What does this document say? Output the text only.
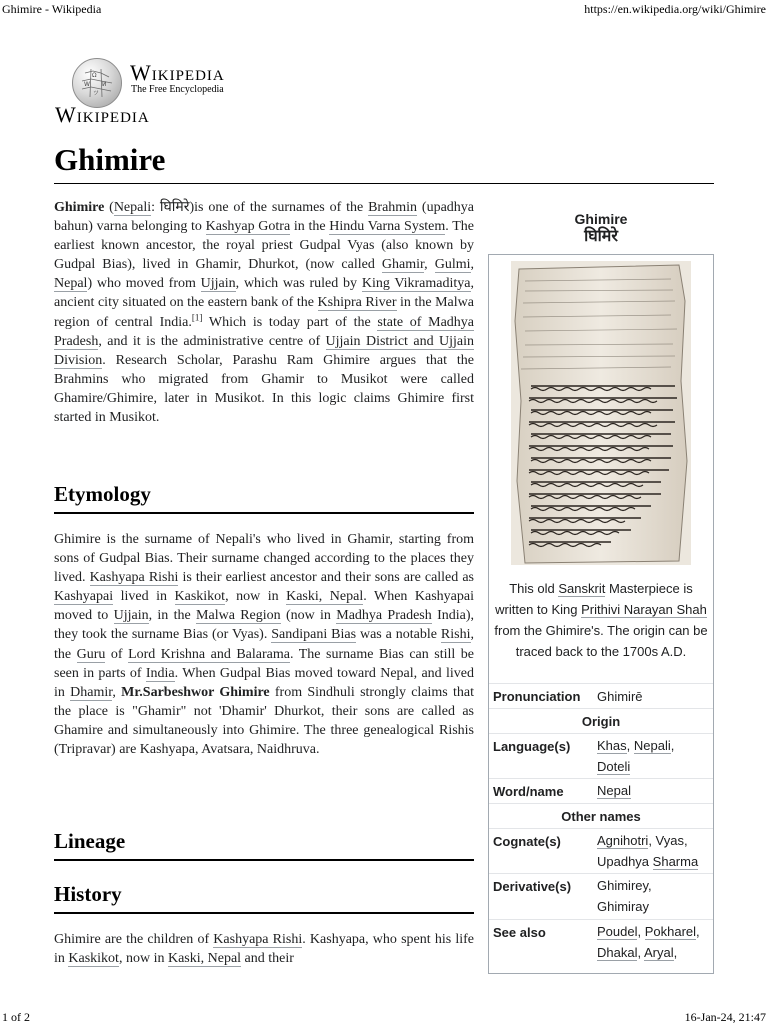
Ghimire - Wikipedia	https://en.wikipedia.org/wiki/Ghimire
1 of 2	16-Jan-24, 21:47
Ω
W И
ツ
Wikipedia
The Free Encyclopedia
Wikipedia
Ghimire

Ghimire (Nepali: घिमिरे)is one of the surnames of the Brahmin (upadhya bahun) varna belonging to Kashyap Gotra in the Hindu Varna System. The earliest known ancestor, the royal priest Gudpal Vyas (also known by Gudpal Bias), lived in Ghamir, Dhurkot, (now called Ghamir, Gulmi, Nepal) who moved from Ujjain, which was ruled by King Vikramaditya, ancient city situated on the eastern bank of the Kshipra River in the Malwa region of central India.[1] Which is today part of the state of Madhya Pradesh, and it is the administrative centre of Ujjain District and Ujjain Division. Research Scholar, Parashu Ram Ghimire argues that the Brahmins who migrated from Ghamir to Musikot were called Ghamire/Ghimire, later in Musikot. In this logic claims Ghimire first started in Musikot.

Etymology

Ghimire is the surname of Nepali's who lived in Ghamir, starting from sons of Gudpal Bias. Their surname changed according to the places they lived. Kashyapa Rishi is their earliest ancestor and their sons are called as Kashyapai lived in Kaskikot, now in Kaski, Nepal. When Kashyapai moved to Ujjain, in the Malwa Region (now in Madhya Pradesh India), they took the surname Bias (or Vyas). Sandipani Bias was a notable Rishi, the Guru of Lord Krishna and Balarama. The surname Bias can still be seen in parts of India. When Gudpal Bias moved toward Nepal, and lived in Dhamir, Mr.Sarbeshwor Ghimire from Sindhuli strongly claims that the place is "Ghamir" not 'Dhamir' Dhurkot, their sons are called as Ghamire and simultaneously into Ghimire. The three genealogical Rishis (Tripravar) are Kashyapa, Avatsara, Naidhruva.

Lineage
History

Ghimire are the children of Kashyapa Rishi. Kashyapa, who spent his life in Kaskikot, now in Kaski, Nepal and their

Ghimire
घिमिरे
This old Sanskrit Masterpiece is written to King Prithivi Narayan Shah from the Ghimire's. The origin can be traced back to the 1700s A.D.
Pronunciation Ghimirē
Origin
Language(s) Khas, Nepali, Doteli
Word/name	Nepal
Other names
Cognate(s)	Agnihotri, Vyas, Upadhya Sharma
Derivative(s) Ghimirey,
Ghimiray
See also	Poudel, Pokharel, Dhakal, Aryal,
